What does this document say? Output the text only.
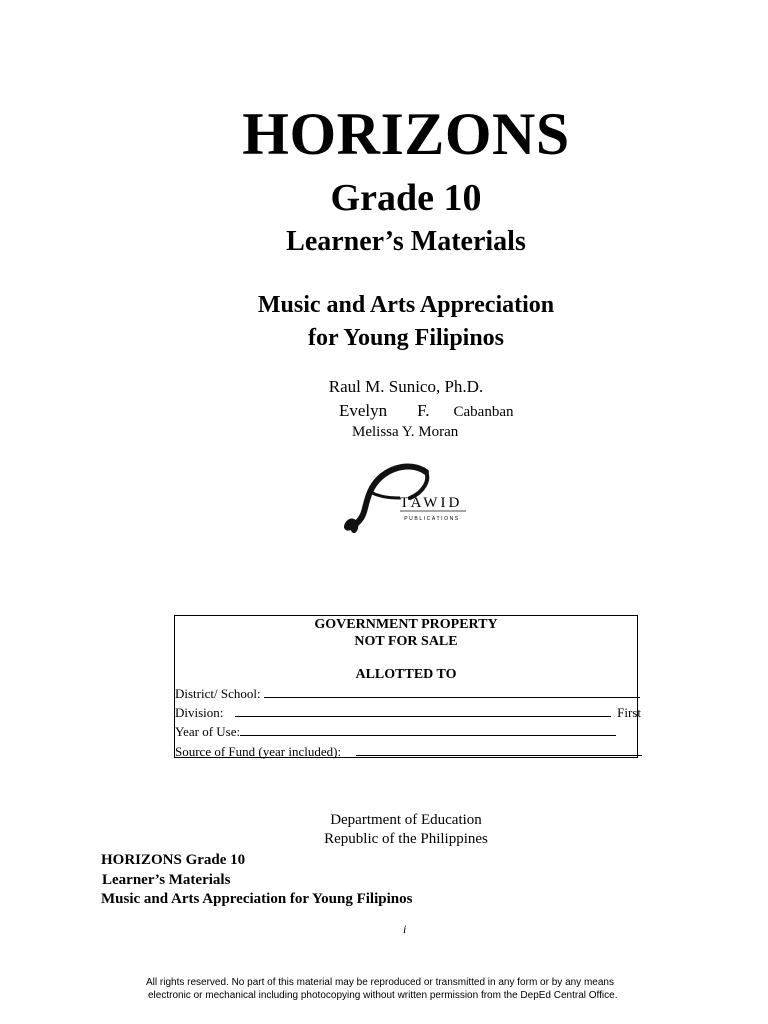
HORIZONS
Grade 10
Learner’s Materials
Music and Arts Appreciation
for Young Filipinos
Raul M. Sunico, Ph.D.
Evelyn F. Cabanban
Melissa Y. Moran
TAWID
PUBLICATIONS
GOVERNMENT PROPERTY
NOT FOR SALE
ALLOTTED TO
District/ School:
Division:	First
Year of Use:
Source of Fund (year included):
Department of Education
Republic of the Philippines
HORIZONS Grade 10
Learner’s Materials
Music and Arts Appreciation for Young Filipinos
i
All rights reserved. No part of this material may be reproduced or transmitted in any form or by any means
electronic or mechanical including photocopying without written permission from the DepEd Central Office.
